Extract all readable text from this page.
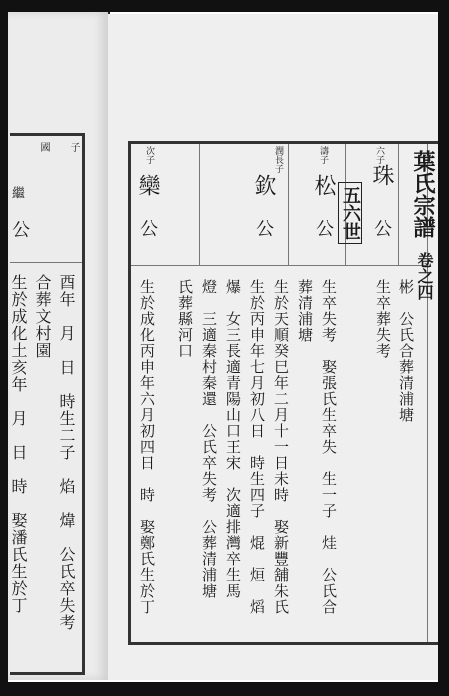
子
國
繼
公
生於成化土亥年　月　日　時　娶潘氏生於丁 合葬文村園 酉年　月　日　時生二子　焰　煒　公氏卒失考
葉氏宗譜
卷之四
五六世
六子
珠
公
生卒葬失考 彬　公氏合葬清浦塘
濤子
松
公
生卒失考　娶張氏生卒失　生一子　烓　公氏合
葬清浦塘
潤長子
欽
公
生於天順癸巳年二月十一日未時　娶新豐舖朱氏
生於丙申年七月初八日　時生四子　焜　烜　熖
爆　女三長適青陽山口王宋　次適排灣卒生馬
燈　三適秦村秦還　公氏卒失考　公葬清浦塘
氏葬縣河口
次子
欒
公
生於成化丙申年六月初四日　時　娶鄭氏生於丁
